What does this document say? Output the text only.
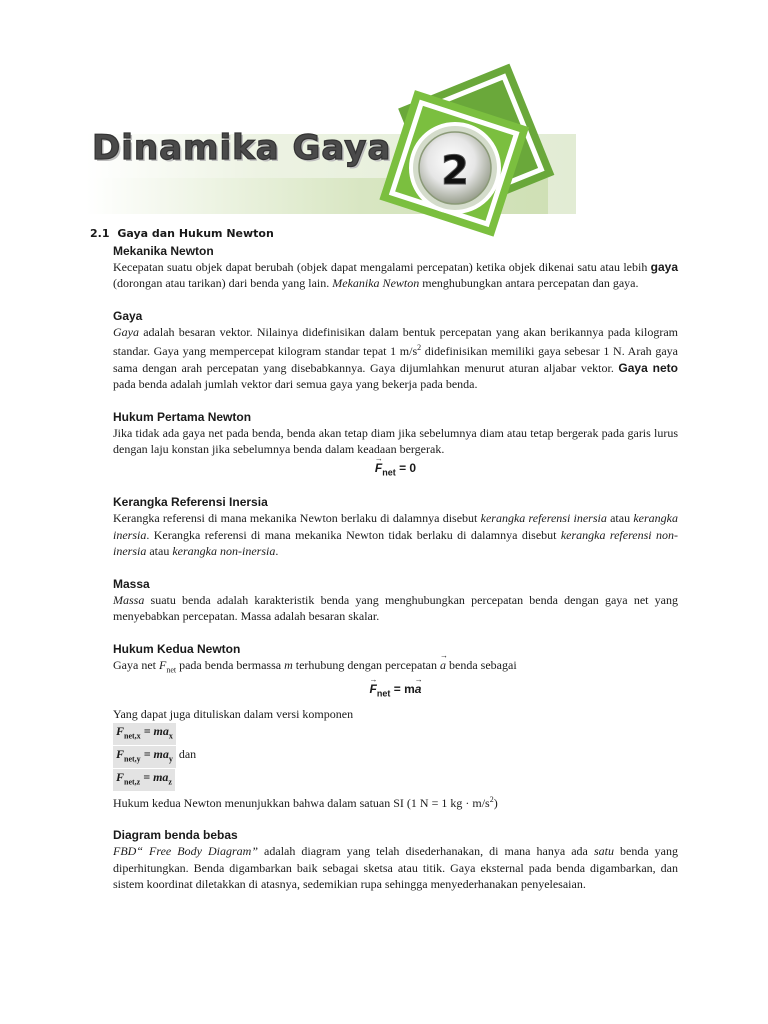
Dinamika Gaya 2
2.1 Gaya dan Hukum Newton

Mekanika Newton

Kecepatan suatu objek dapat berubah (objek dapat mengalami percepatan) ketika objek dikenai satu atau lebih gaya (dorongan atau tarikan) dari benda yang lain. Mekanika Newton menghubungkan antara percepatan dan gaya.

Gaya

Gaya adalah besaran vektor. Nilainya didefinisikan dalam bentuk percepatan yang akan berikannya pada kilogram standar. Gaya yang mempercepat kilogram standar tepat 1 $m/s^2$ didefinisikan memiliki gaya sebesar 1 N. Arah gaya sama dengan arah percepatan yang disebabkannya. Gaya dijumlahkan menurut aturan aljabar vektor. Gaya neto pada benda adalah jumlah vektor dari semua gaya yang bekerja pada benda.

Hukum Pertama Newton

Jika tidak ada gaya net pada benda, benda akan tetap diam jika sebelumnya diam atau tetap bergerak pada garis lurus dengan laju konstan jika sebelumnya benda dalam keadaan bergerak.

→ $F_{net} = 0$

Kerangka Referensi Inersia

Kerangka referensi di mana mekanika Newton berlaku di dalamnya disebut kerangka referensi inersia atau kerangka inersia. Kerangka referensi di mana mekanika Newton tidak berlaku di dalamnya disebut kerangka referensi non-inersia atau kerangka non-inersia.

Massa

Massa suatu benda adalah karakteristik benda yang menghubungkan percepatan benda dengan gaya net yang menyebabkan percepatan. Massa adalah besaran skalar.

Hukum Kedua Newton

Gaya net $F_{net}$ pada benda bermassa m terhubung dengan percepatan → a benda sebagai

→ $F_{net} = m\to a$

Yang dapat juga dituliskan dalam versi komponen

$F_{net,x} = ma_x$
$F_{net,y} = ma_y$ dan
$F_{net,z} = ma_z$

Hukum kedua Newton menunjukkan bahwa dalam satuan SI (1 N = 1 kg · $m/s^2$)

Diagram benda bebas

FBD“ Free Body Diagram” adalah diagram yang telah disederhanakan, di mana hanya ada satu benda yang diperhitungkan. Benda digambarkan baik sebagai sketsa atau titik. Gaya eksternal pada benda digambarkan, dan sistem koordinat diletakkan di atasnya, sedemikian rupa sehingga menyederhanakan penyelesaian.
